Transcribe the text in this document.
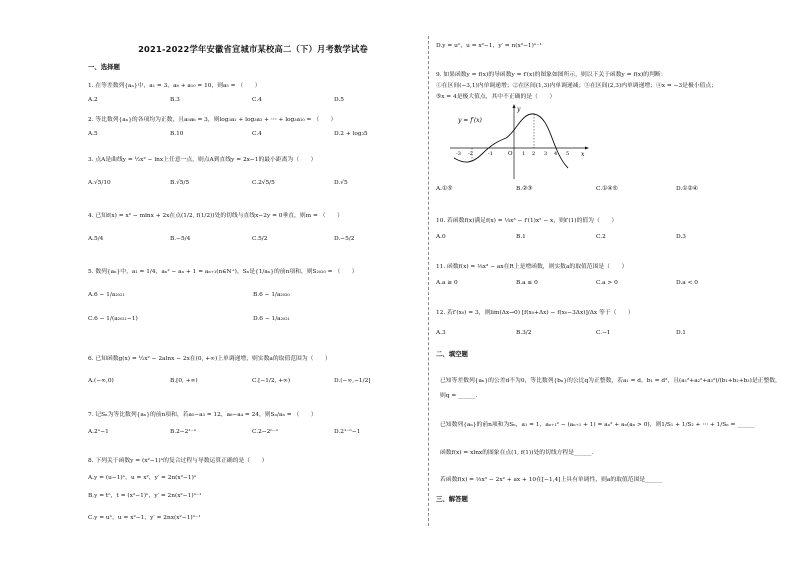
2021-2022学年安徽省宣城市某校高二（下）月考数学试卷
一、选择题
1. 在等差数列{aₙ}中，a₁ = 3，a₈ + a₁₀ = 10，则a₅ = （　　）
A.2	B.3	C.4	D.5
2. 等比数列{aₙ}的各项均为正数，且a₅a₆ = 3，则log₃a₁ + log₃a₂ + ⋯ + log₃a₁₀ = （　　）
A.5	B.10	C.4	D.2 + log₃5
3. 点A是曲线y = ½x² − lnx上任意一点，则点A到直线y = 2x−1的最小距离为（　　）
A.√5/10	B.√5/5	C.2√5/5	D.√5
4. 已知f(x) = x² − mlnx + 2x在点(1/2, f(1/2))处的切线与直线x−2y = 0垂直，则m = （　　）
A.5/4	B.−5/4	C.5/2	D.−5/2
5. 数列{aₙ}中，a₁ = 1/4，aₙ² − aₙ + 1 = aₙ₊₁(n∈N⁺)，Sₙ是{1/aₙ}的前n项和，则S₂₀₂₀ = （　　）
A.6 − 1/a₂₀₂₁	B.6 − 1/a₂₀₂₀
C.6 − 1/(a₂₀₂₁−1)	D.6 − 1/a₂₀₂₁
6. 已知函数g(x) = ½x² − 2alnx − 2x在(0, +∞)上单调递增，则实数a的取值范围为（　　）
A.(−∞,0)	B.[0, +∞)	C.[−1/2, +∞)	D.(−∞,−1/2]
7. 记Sₙ为等比数列{aₙ}的前n项和，若a₅−a₃ = 12，a₆−a₄ = 24，则Sₙ/aₙ = （　　）
A.2ⁿ−1	B.2−2¹⁻ⁿ	C.2−2ⁿ⁻¹	D.2¹⁻ⁿ−1
8. 下列关于函数y = (x²−1)ⁿ的复合过程与导数运算正确的是（　　）
A.y = (u−1)ⁿ，u = x²，y′ = 2n(x²−1)ⁿ
B.y = tⁿ，t = (x²−1)ⁿ，y′ = 2n(x²−1)ⁿ⁻¹
C.y = uⁿ，u = x²−1，y′ = 2nx(x²−1)ⁿ⁻¹
D.y = uⁿ，u = x²−1，y′ = n(x²−1)ⁿ⁻¹
9. 如果函数y = f(x)的导函数y = f′(x)的图象如图所示，则以下关于函数y = f(x)的判断：
①在区间(−3,1)内单调递增；②在区间(1,3)内单调递减；③在区间(2,3)内单调递增；④x = −3是极小值点；
⑤x = 4是极大值点，其中不正确的是（　　）
y = f′(x)
x
y
O
-3 -2	-1	1 2 3 4 5
A.①⑤	B.②③	C.①④⑤	D.①②④
10. 若函数f(x)满足f(x) = ⅓x³ − f′(1)x² − x，则f′(1)的值为（　　）
A.0	B.1	C.2	D.3
11. 函数f(x) = ⅓x³ − ax在R上是增函数，则实数a的取值范围是（　　）
A.a ≥ 0	B.a ≤ 0	C.a > 0	D.a < 0
12. 若f′(x₀) = 3，则lim(Δx→0) [f(x₀+Δx) − f(x₀−3Δx)]/Δx 等于（　　）
A.3	B.3/2	C.−1	D.1
二、填空题
已知等差数列{aₙ}的公差d不为0，等比数列{bₙ}的公比q为正整数，若a₁ = d，b₁ = d²，且(a₁²+a₂²+a₃²)/(b₁+b₂+b₃)是正整数，
则q = ______．
已知数列{aₙ}的前n项和为Sₙ，a₁ = 1，aₙ₊₁² − (aₙ₊₁ + 1) = aₙ² + aₙ(aₙ > 0)，则1/S₁ + 1/S₂ + ⋯ + 1/Sₙ = ______
函数f(x) = xlnx的图象在点(1, f(1))处的切线方程是______．
若函数f(x) = ⅓x³ − 2x² + ax + 10在[−1,4]上具有单调性，则a的取值范围是______
三、解答题
